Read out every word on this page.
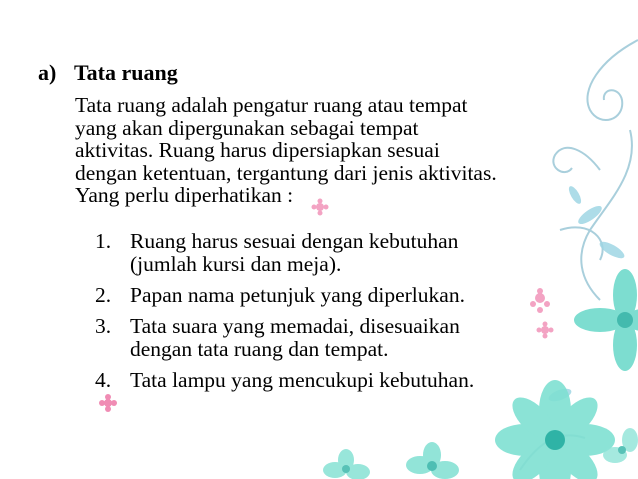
a) Tata ruang
Tata ruang adalah pengatur ruang atau tempat
yang akan dipergunakan sebagai tempat
aktivitas. Ruang harus dipersiapkan sesuai
dengan ketentuan, tergantung dari jenis aktivitas.
Yang perlu diperhatikan :
1. Ruang harus sesuai dengan kebutuhan
(jumlah kursi dan meja).
2. Papan nama petunjuk yang diperlukan.
3. Tata suara yang memadai, disesuaikan
dengan tata ruang dan tempat.
4. Tata lampu yang mencukupi kebutuhan.
